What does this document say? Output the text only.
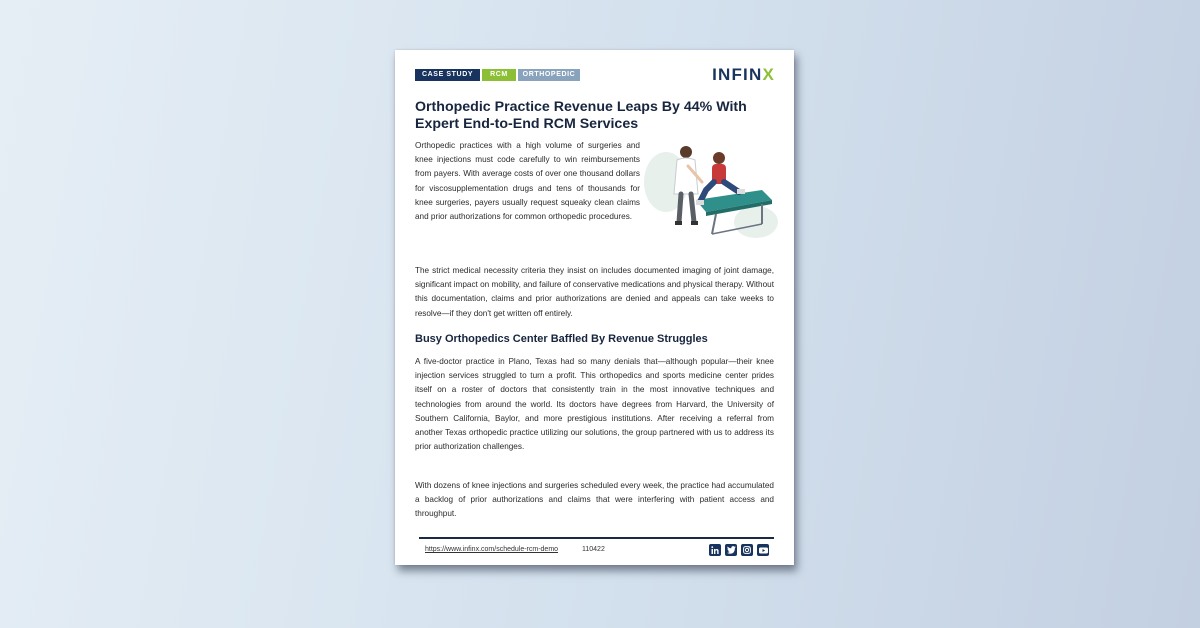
CASE STUDY	RCM	ORTHOPEDIC	INFINX
Orthopedic Practice Revenue Leaps By 44% With Expert End-to-End RCM Services

Orthopedic practices with a high volume of surgeries and knee injections must code carefully to win reimbursements from payers. With average costs of over one thousand dollars for viscosupplementation drugs and tens of thousands for knee surgeries, payers usually request squeaky clean claims and prior authorizations for common orthopedic procedures.

The strict medical necessity criteria they insist on includes documented imaging of joint damage, significant impact on mobility, and failure of conservative medications and physical therapy. Without this documentation, claims and prior authorizations are denied and appeals can take weeks to resolve—if they don't get written off entirely.

Busy Orthopedics Center Baffled By Revenue Struggles

A five-doctor practice in Plano, Texas had so many denials that—although popular—their knee injection services struggled to turn a profit. This orthopedics and sports medicine center prides itself on a roster of doctors that consistently train in the most innovative techniques and technologies from around the world. Its doctors have degrees from Harvard, the University of Southern California, Baylor, and more prestigious institutions. After receiving a referral from another Texas orthopedic practice utilizing our solutions, the group partnered with us to address its prior authorization challenges.

With dozens of knee injections and surgeries scheduled every week, the practice had accumulated a backlog of prior authorizations and claims that were interfering with patient access and throughput.

https://www.infinx.com/schedule-rcm-demo	110422
